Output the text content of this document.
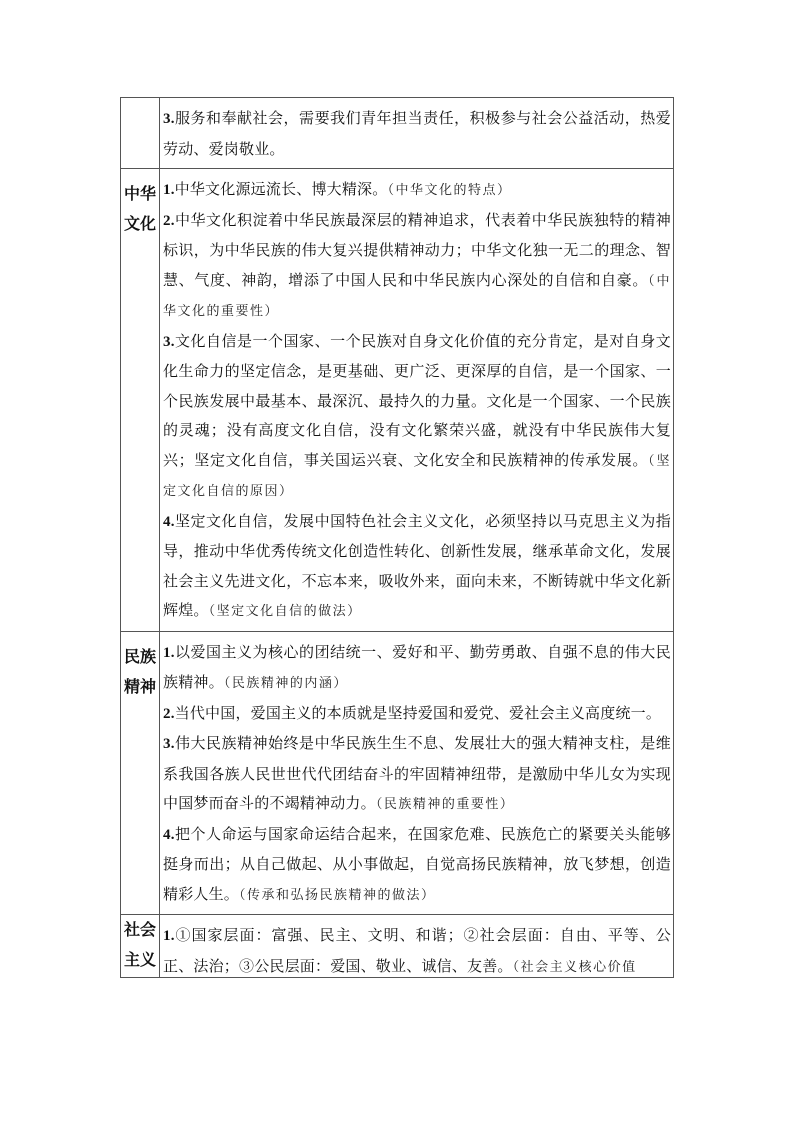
3.服务和奉献社会，需要我们青年担当责任，积极参与社会公益活动，热爱劳动、爱岗敬业。

中华文化

1.中华文化源远流长、博大精深。（中华文化的特点）

2.中华文化积淀着中华民族最深层的精神追求，代表着中华民族独特的精神标识，为中华民族的伟大复兴提供精神动力；中华文化独一无二的理念、智慧、气度、神韵，增添了中国人民和中华民族内心深处的自信和自豪。（中华文化的重要性）

3.文化自信是一个国家、一个民族对自身文化价值的充分肯定，是对自身文化生命力的坚定信念，是更基础、更广泛、更深厚的自信，是一个国家、一个民族发展中最基本、最深沉、最持久的力量。文化是一个国家、一个民族的灵魂；没有高度文化自信，没有文化繁荣兴盛，就没有中华民族伟大复兴；坚定文化自信，事关国运兴衰、文化安全和民族精神的传承发展。（坚定文化自信的原因）

4.坚定文化自信，发展中国特色社会主义文化，必须坚持以马克思主义为指导，推动中华优秀传统文化创造性转化、创新性发展，继承革命文化，发展社会主义先进文化，不忘本来，吸收外来，面向未来，不断铸就中华文化新辉煌。（坚定文化自信的做法）

民族精神

1.以爱国主义为核心的团结统一、爱好和平、勤劳勇敢、自强不息的伟大民族精神。（民族精神的内涵）

2.当代中国，爱国主义的本质就是坚持爱国和爱党、爱社会主义高度统一。

3.伟大民族精神始终是中华民族生生不息、发展壮大的强大精神支柱，是维系我国各族人民世世代代团结奋斗的牢固精神纽带，是激励中华儿女为实现中国梦而奋斗的不竭精神动力。（民族精神的重要性）

4.把个人命运与国家命运结合起来，在国家危难、民族危亡的紧要关头能够挺身而出；从自己做起、从小事做起，自觉高扬民族精神，放飞梦想，创造精彩人生。（传承和弘扬民族精神的做法）

社会主义

1.①国家层面：富强、民主、文明、和谐；②社会层面：自由、平等、公正、法治；③公民层面：爱国、敬业、诚信、友善。（社会主义核心价值
